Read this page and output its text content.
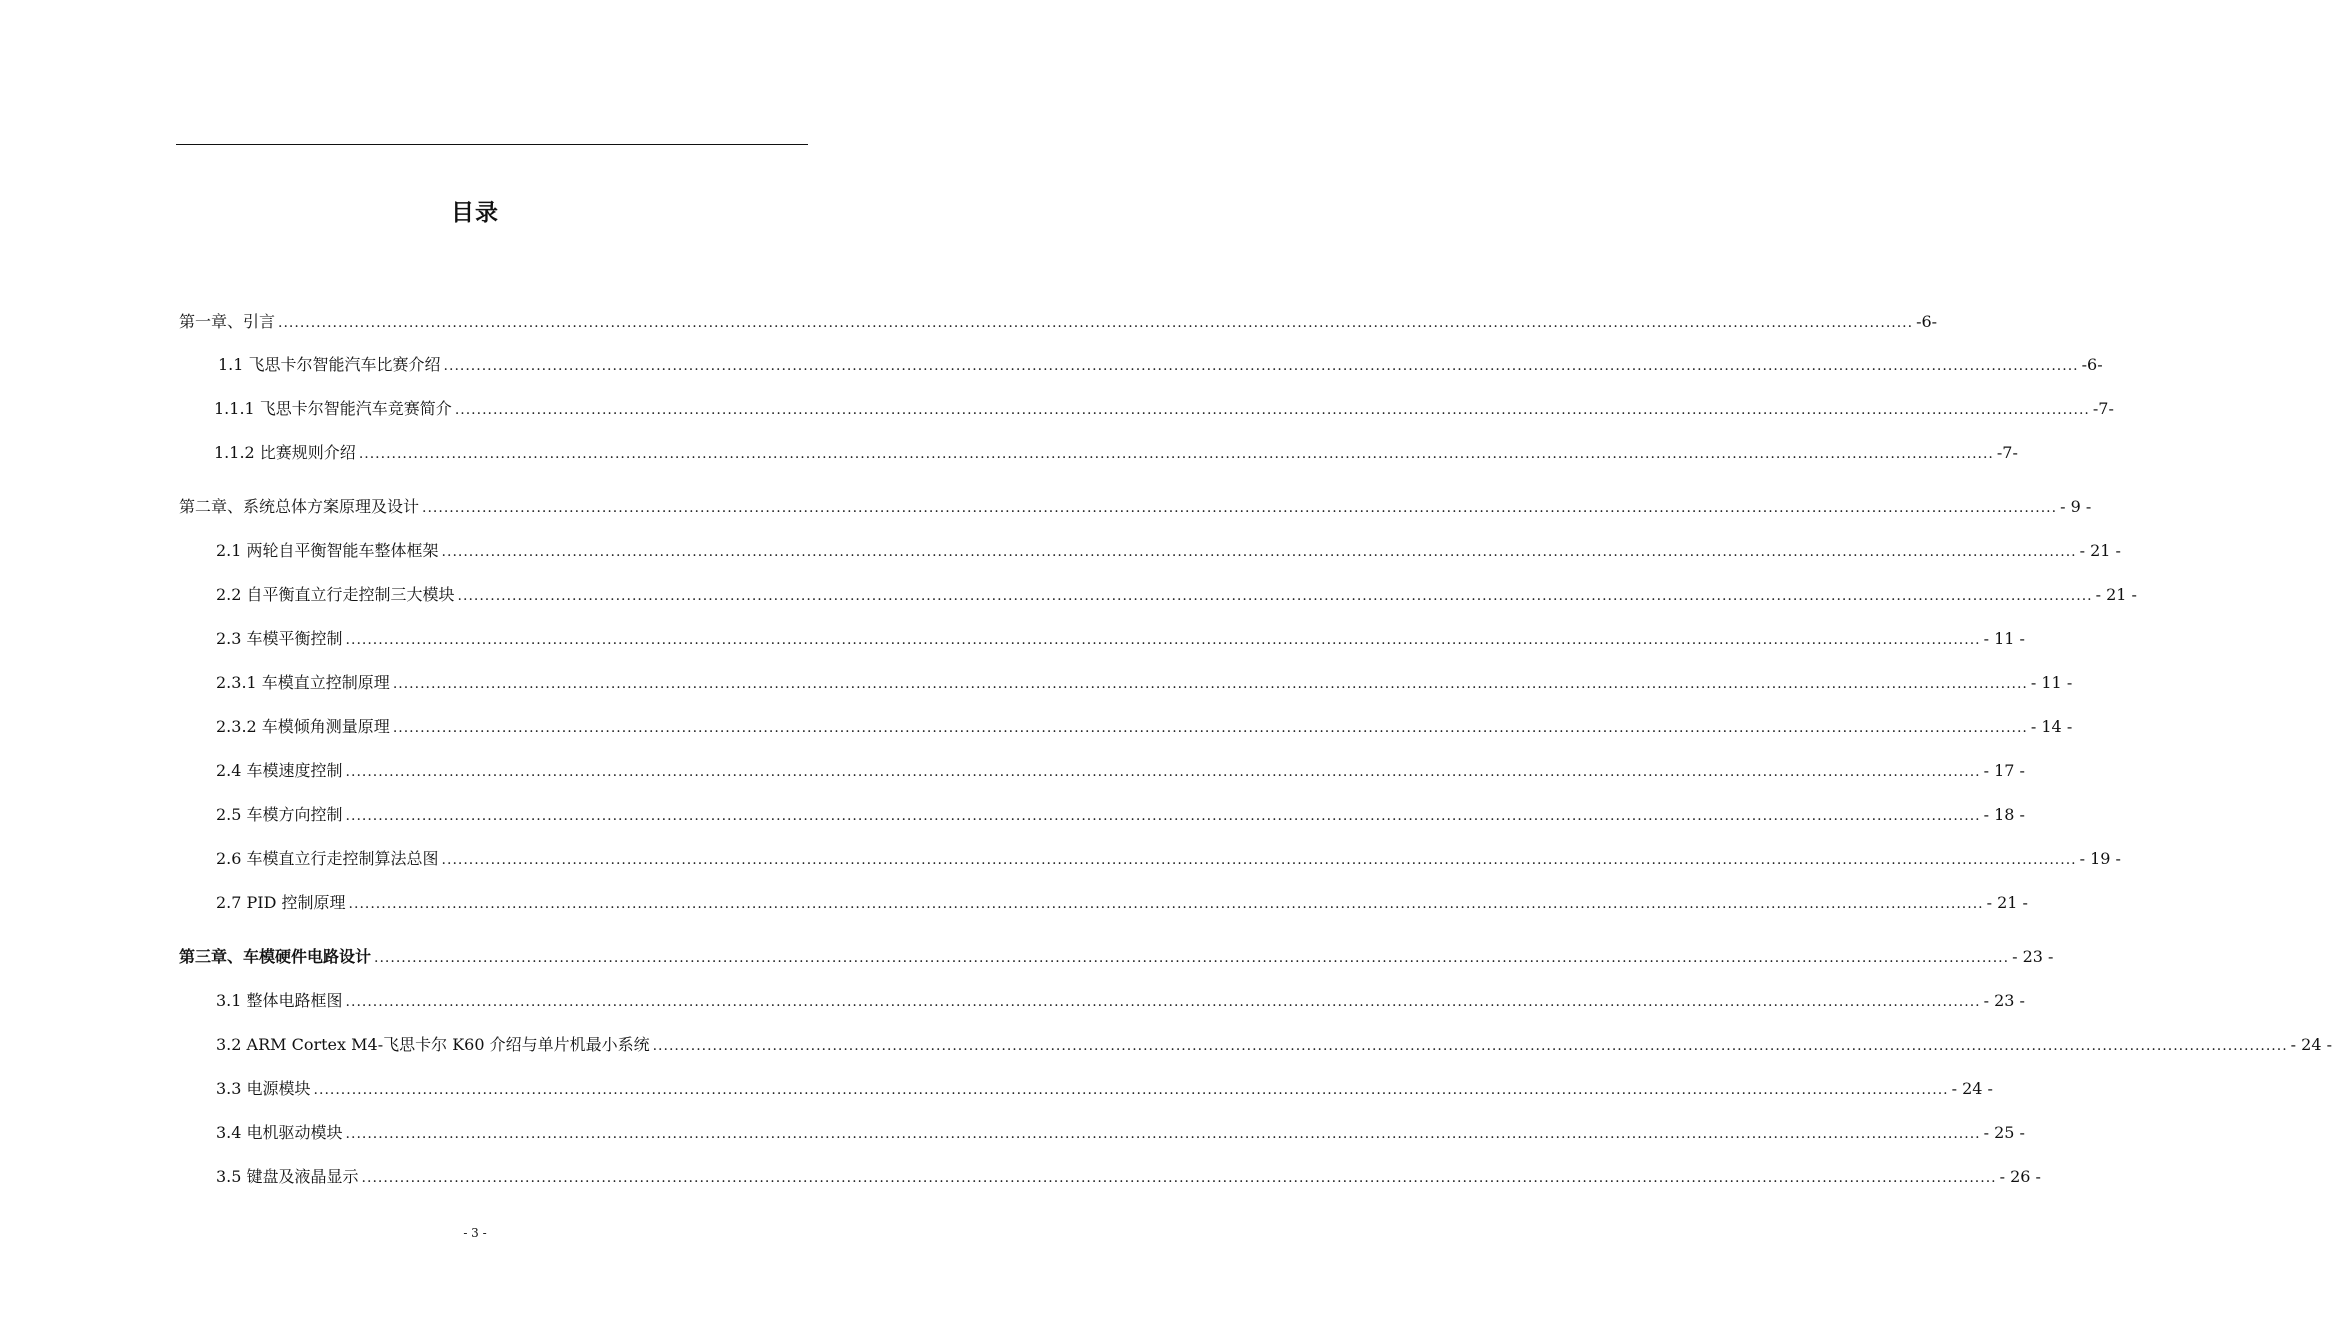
目录
第一章、引言 ............................................................................................................................................................................................................................................................................................................ -6-
1.1 飞思卡尔智能汽车比赛介绍 ............................................................................................................................................................................................................................................................................................................ -6-
1.1.1 飞思卡尔智能汽车竞赛简介 ............................................................................................................................................................................................................................................................................................................ -7-
1.1.2 比赛规则介绍 ............................................................................................................................................................................................................................................................................................................ -7-
第二章、系统总体方案原理及设计 ............................................................................................................................................................................................................................................................................................................ - 9 -
2.1 两轮自平衡智能车整体框架 ............................................................................................................................................................................................................................................................................................................ - 21 -
2.2 自平衡直立行走控制三大模块 ............................................................................................................................................................................................................................................................................................................ - 21 -
2.3 车模平衡控制 ............................................................................................................................................................................................................................................................................................................ - 11 -
2.3.1 车模直立控制原理 ............................................................................................................................................................................................................................................................................................................ - 11 -
2.3.2 车模倾角测量原理 ............................................................................................................................................................................................................................................................................................................ - 14 -
2.4 车模速度控制 ............................................................................................................................................................................................................................................................................................................ - 17 -
2.5 车模方向控制 ............................................................................................................................................................................................................................................................................................................ - 18 -
2.6 车模直立行走控制算法总图 ............................................................................................................................................................................................................................................................................................................ - 19 -
2.7 PID 控制原理 ............................................................................................................................................................................................................................................................................................................ - 21 -
第三章、车模硬件电路设计 ............................................................................................................................................................................................................................................................................................................ - 23 -
3.1 整体电路框图 ............................................................................................................................................................................................................................................................................................................ - 23 -
3.2 ARM Cortex M4-飞思卡尔 K60 介绍与单片机最小系统 ............................................................................................................................................................................................................................................................................................................ - 24 -
3.3 电源模块 ............................................................................................................................................................................................................................................................................................................ - 24 -
3.4 电机驱动模块 ............................................................................................................................................................................................................................................................................................................ - 25 -
3.5 键盘及液晶显示 ............................................................................................................................................................................................................................................................................................................ - 26 -
- 3 -
